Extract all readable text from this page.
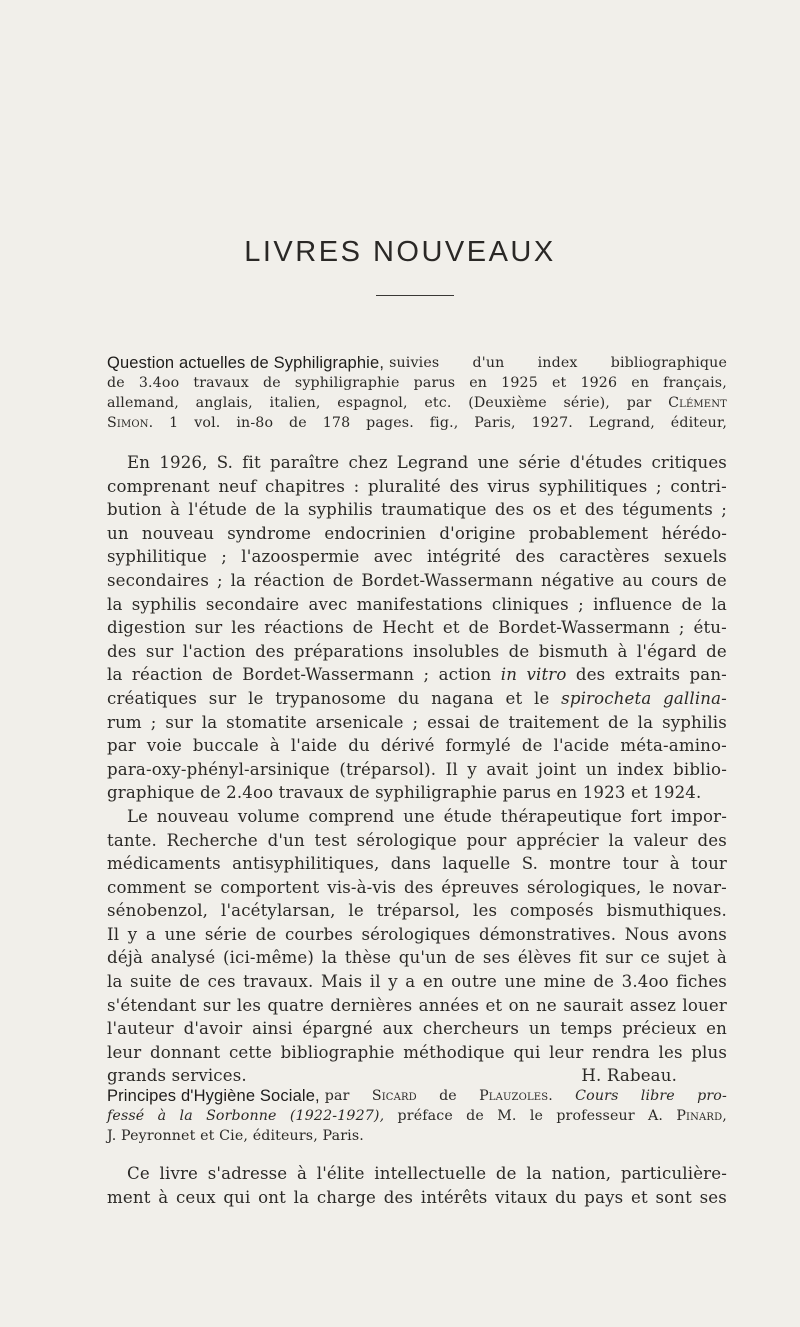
LIVRES NOUVEAUX
Question actuelles de Syphiligraphie, suivies d'un index bibliographique
de 3.4oo travaux de syphiligraphie parus en 1925 et 1926 en français,
allemand, anglais, italien, espagnol, etc. (Deuxième série), par Clément
Simon. 1 vol. in-8o de 178 pages. fig., Paris, 1927. Legrand, éditeur,
En 1926, S. fit paraître chez Legrand une série d'études critiques
comprenant neuf chapitres : pluralité des virus syphilitiques ; contri-
bution à l'étude de la syphilis traumatique des os et des téguments ;
un nouveau syndrome endocrinien d'origine probablement hérédo-
syphilitique ; l'azoospermie avec intégrité des caractères sexuels
secondaires ; la réaction de Bordet-Wassermann négative au cours de
la syphilis secondaire avec manifestations cliniques ; influence de la
digestion sur les réactions de Hecht et de Bordet-Wassermann ; étu-
des sur l'action des préparations insolubles de bismuth à l'égard de
la réaction de Bordet-Wassermann ; action in vitro des extraits pan-
créatiques sur le trypanosome du nagana et le spirocheta gallina-
rum ; sur la stomatite arsenicale ; essai de traitement de la syphilis
par voie buccale à l'aide du dérivé formylé de l'acide méta-amino-
para-oxy-phényl-arsinique (tréparsol). Il y avait joint un index biblio-
graphique de 2.4oo travaux de syphiligraphie parus en 1923 et 1924.
Le nouveau volume comprend une étude thérapeutique fort impor-
tante. Recherche d'un test sérologique pour apprécier la valeur des
médicaments antisyphilitiques, dans laquelle S. montre tour à tour
comment se comportent vis-à-vis des épreuves sérologiques, le novar-
sénobenzol, l'acétylarsan, le tréparsol, les composés bismuthiques.
Il y a une série de courbes sérologiques démonstratives. Nous avons
déjà analysé (ici-même) la thèse qu'un de ses élèves fit sur ce sujet à
la suite de ces travaux. Mais il y a en outre une mine de 3.4oo fiches
s'étendant sur les quatre dernières années et on ne saurait assez louer
l'auteur d'avoir ainsi épargné aux chercheurs un temps précieux en
leur donnant cette bibliographie méthodique qui leur rendra les plus
grands services.	H. Rabeau.
Principes d'Hygiène Sociale, par Sicard de Plauzoles. Cours libre pro-
fessé à la Sorbonne (1922-1927), préface de M. le professeur A. Pinard,
J. Peyronnet et Cie, éditeurs, Paris.
Ce livre s'adresse à l'élite intellectuelle de la nation, particulière-
ment à ceux qui ont la charge des intérêts vitaux du pays et sont ses
